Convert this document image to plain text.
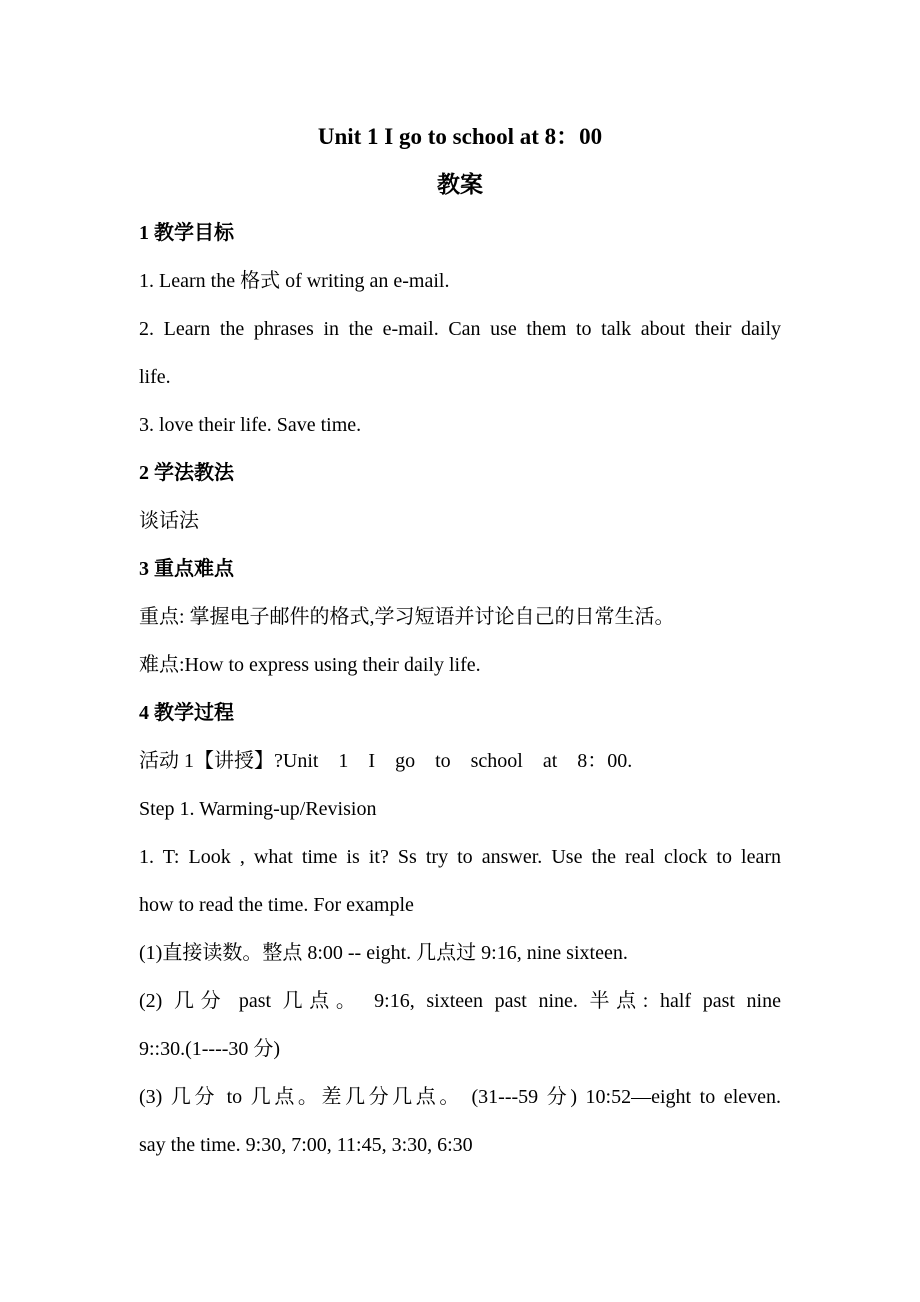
Unit 1 I go to school at 8：00
教案
1 教学目标
1. Learn the 格式 of writing an e-mail.
2. Learn the phrases in the e-mail. Can use them to talk about their daily
life.
3. love their life. Save time.
2 学法教法
谈话法
3 重点难点
重点: 掌握电子邮件的格式,学习短语并讨论自己的日常生活。
难点:How to express using their daily life.
4 教学过程
活动 1【讲授】?Unit　1　I　go　to　school　at　8：00.
Step 1. Warming-up/Revision
1. T: Look , what time is it? Ss try to answer. Use the real clock to learn
how to read the time. For example
(1)直接读数。整点 8:00 -- eight. 几点过 9:16, nine sixteen.
(2) 几分 past 几点。 9:16, sixteen past nine. 半点: half past nine
9::30.(1----30 分)
(3) 几分 to 几点。差几分几点。 (31---59 分) 10:52—eight to eleven.
say the time. 9:30, 7:00, 11:45, 3:30, 6:30
